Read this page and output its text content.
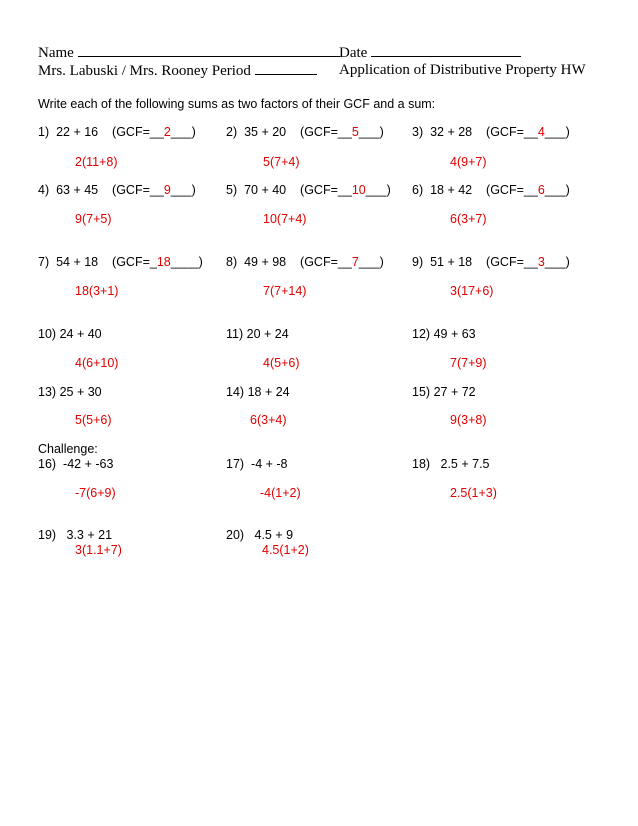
Name	Date
Mrs. Labuski / Mrs. Rooney Period	Application of Distributive Property HW
Write each of the following sums as two factors of their GCF and a sum:
1) 22 + 16 (GCF=__2___)
2(11+8)
2) 35 + 20 (GCF=__5___)
5(7+4)
3) 32 + 28 (GCF=__4___)
4(9+7)
4) 63 + 45 (GCF=__9___)
9(7+5)
5) 70 + 40 (GCF=__10___)
10(7+4)
6) 18 + 42 (GCF=__6___)
6(3+7)
7) 54 + 18 (GCF=_18____)
18(3+1)
8) 49 + 98 (GCF=__7___)
7(7+14)
9) 51 + 18 (GCF=__3___)
3(17+6)
10) 24 + 40
4(6+10)
11) 20 + 24
4(5+6)
12) 49 + 63
7(7+9)
13) 25 + 30
5(5+6)
14) 18 + 24
6(3+4)
15) 27 + 72
9(3+8)
Challenge:
16) -42 + -63
-7(6+9)
17) -4 + -8
-4(1+2)
18) 2.5 + 7.5
2.5(1+3)
19) 3.3 + 21
3(1.1+7)
20) 4.5 + 9
4.5(1+2)
